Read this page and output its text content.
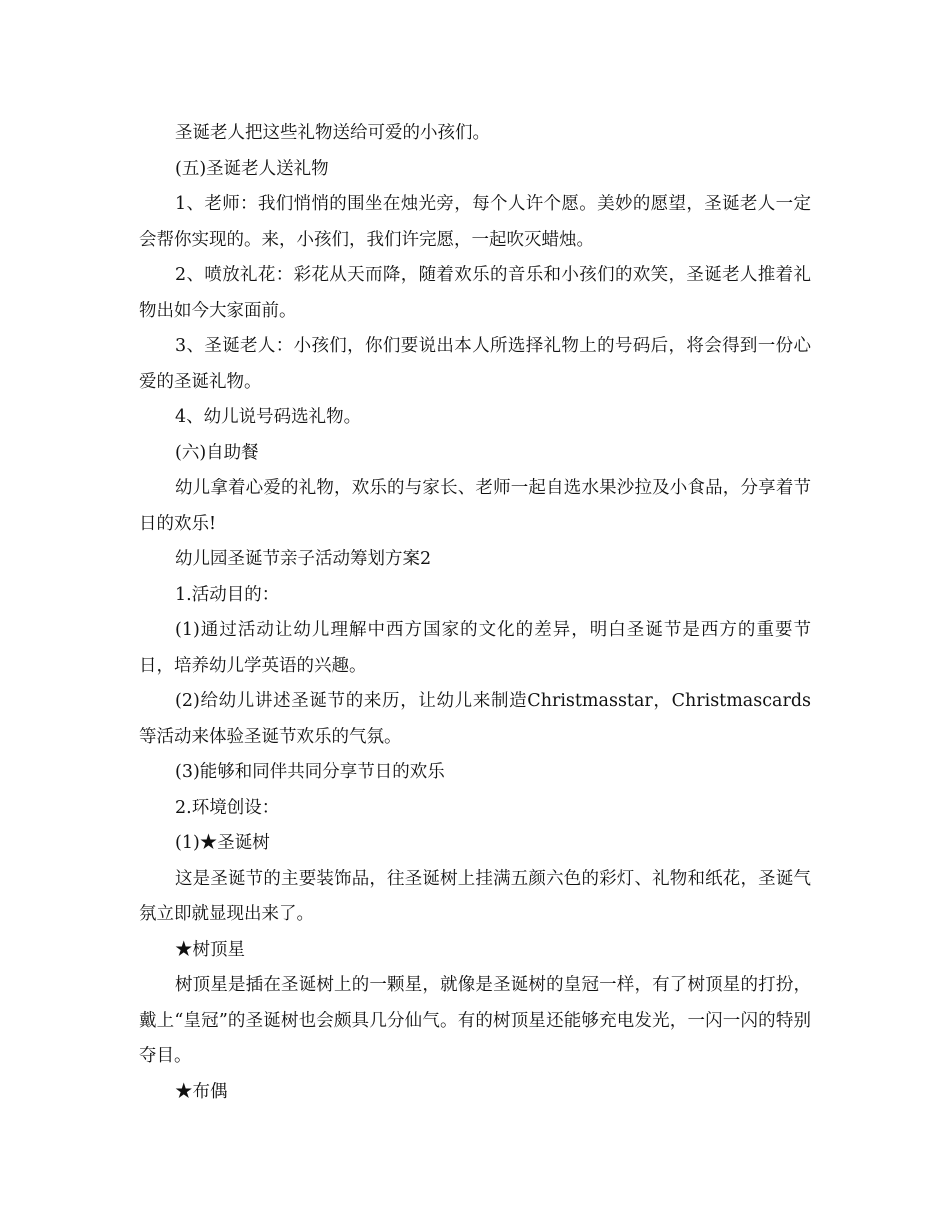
圣诞老人把这些礼物送给可爱的小孩们。

(五)圣诞老人送礼物

1、老师：我们悄悄的围坐在烛光旁，每个人许个愿。美妙的愿望，圣诞老人一定会帮你实现的。来，小孩们，我们许完愿，一起吹灭蜡烛。

2、喷放礼花：彩花从天而降，随着欢乐的音乐和小孩们的欢笑，圣诞老人推着礼物出如今大家面前。

3、圣诞老人：小孩们，你们要说出本人所选择礼物上的号码后，将会得到一份心爱的圣诞礼物。

4、幼儿说号码选礼物。

(六)自助餐

幼儿拿着心爱的礼物，欢乐的与家长、老师一起自选水果沙拉及小食品，分享着节日的欢乐!

幼儿园圣诞节亲子活动筹划方案2

1.活动目的：

(1)通过活动让幼儿理解中西方国家的文化的差异，明白圣诞节是西方的重要节日，培养幼儿学英语的兴趣。

(2)给幼儿讲述圣诞节的来历，让幼儿来制造Christmasstar，Christmascards等活动来体验圣诞节欢乐的气氛。

(3)能够和同伴共同分享节日的欢乐

2.环境创设：

(1)★圣诞树

这是圣诞节的主要装饰品，往圣诞树上挂满五颜六色的彩灯、礼物和纸花，圣诞气氛立即就显现出来了。

★树顶星

树顶星是插在圣诞树上的一颗星，就像是圣诞树的皇冠一样，有了树顶星的打扮，戴上“皇冠”的圣诞树也会颇具几分仙气。有的树顶星还能够充电发光，一闪一闪的特别夺目。

★布偶
